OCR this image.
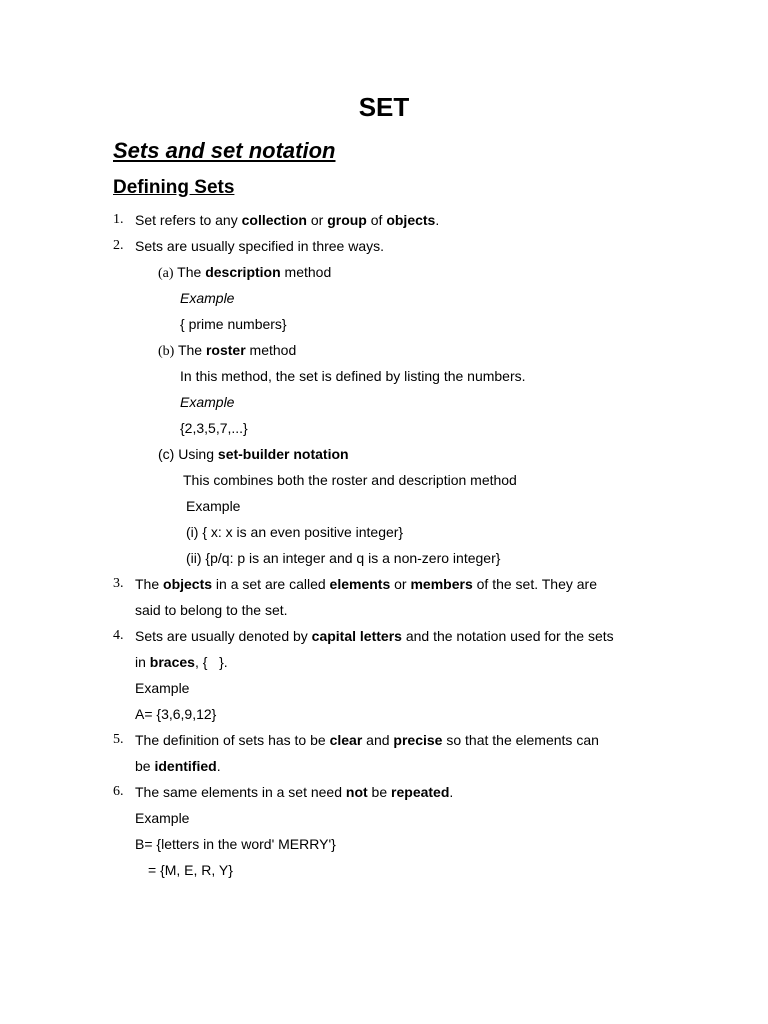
SET
Sets and set notation
Defining Sets
1. Set refers to any collection or group of objects.
2. Sets are usually specified in three ways.
(a) The description method
Example
{ prime numbers}
(b) The roster method
In this method, the set is defined by listing the numbers.
Example
{2,3,5,7,...}
(c) Using set-builder notation
This combines both the roster and description method
Example
(i) { x: x is an even positive integer}
(ii) {p/q: p is an integer and q is a non-zero integer}
3. The objects in a set are called elements or members of the set. They are
said to belong to the set.
4. Sets are usually denoted by capital letters and the notation used for the sets
in braces, {   }.
Example
A= {3,6,9,12}
5. The definition of sets has to be clear and precise so that the elements can
be identified.
6. The same elements in a set need not be repeated.
Example
B= {letters in the word' MERRY'}
= {M, E, R, Y}
